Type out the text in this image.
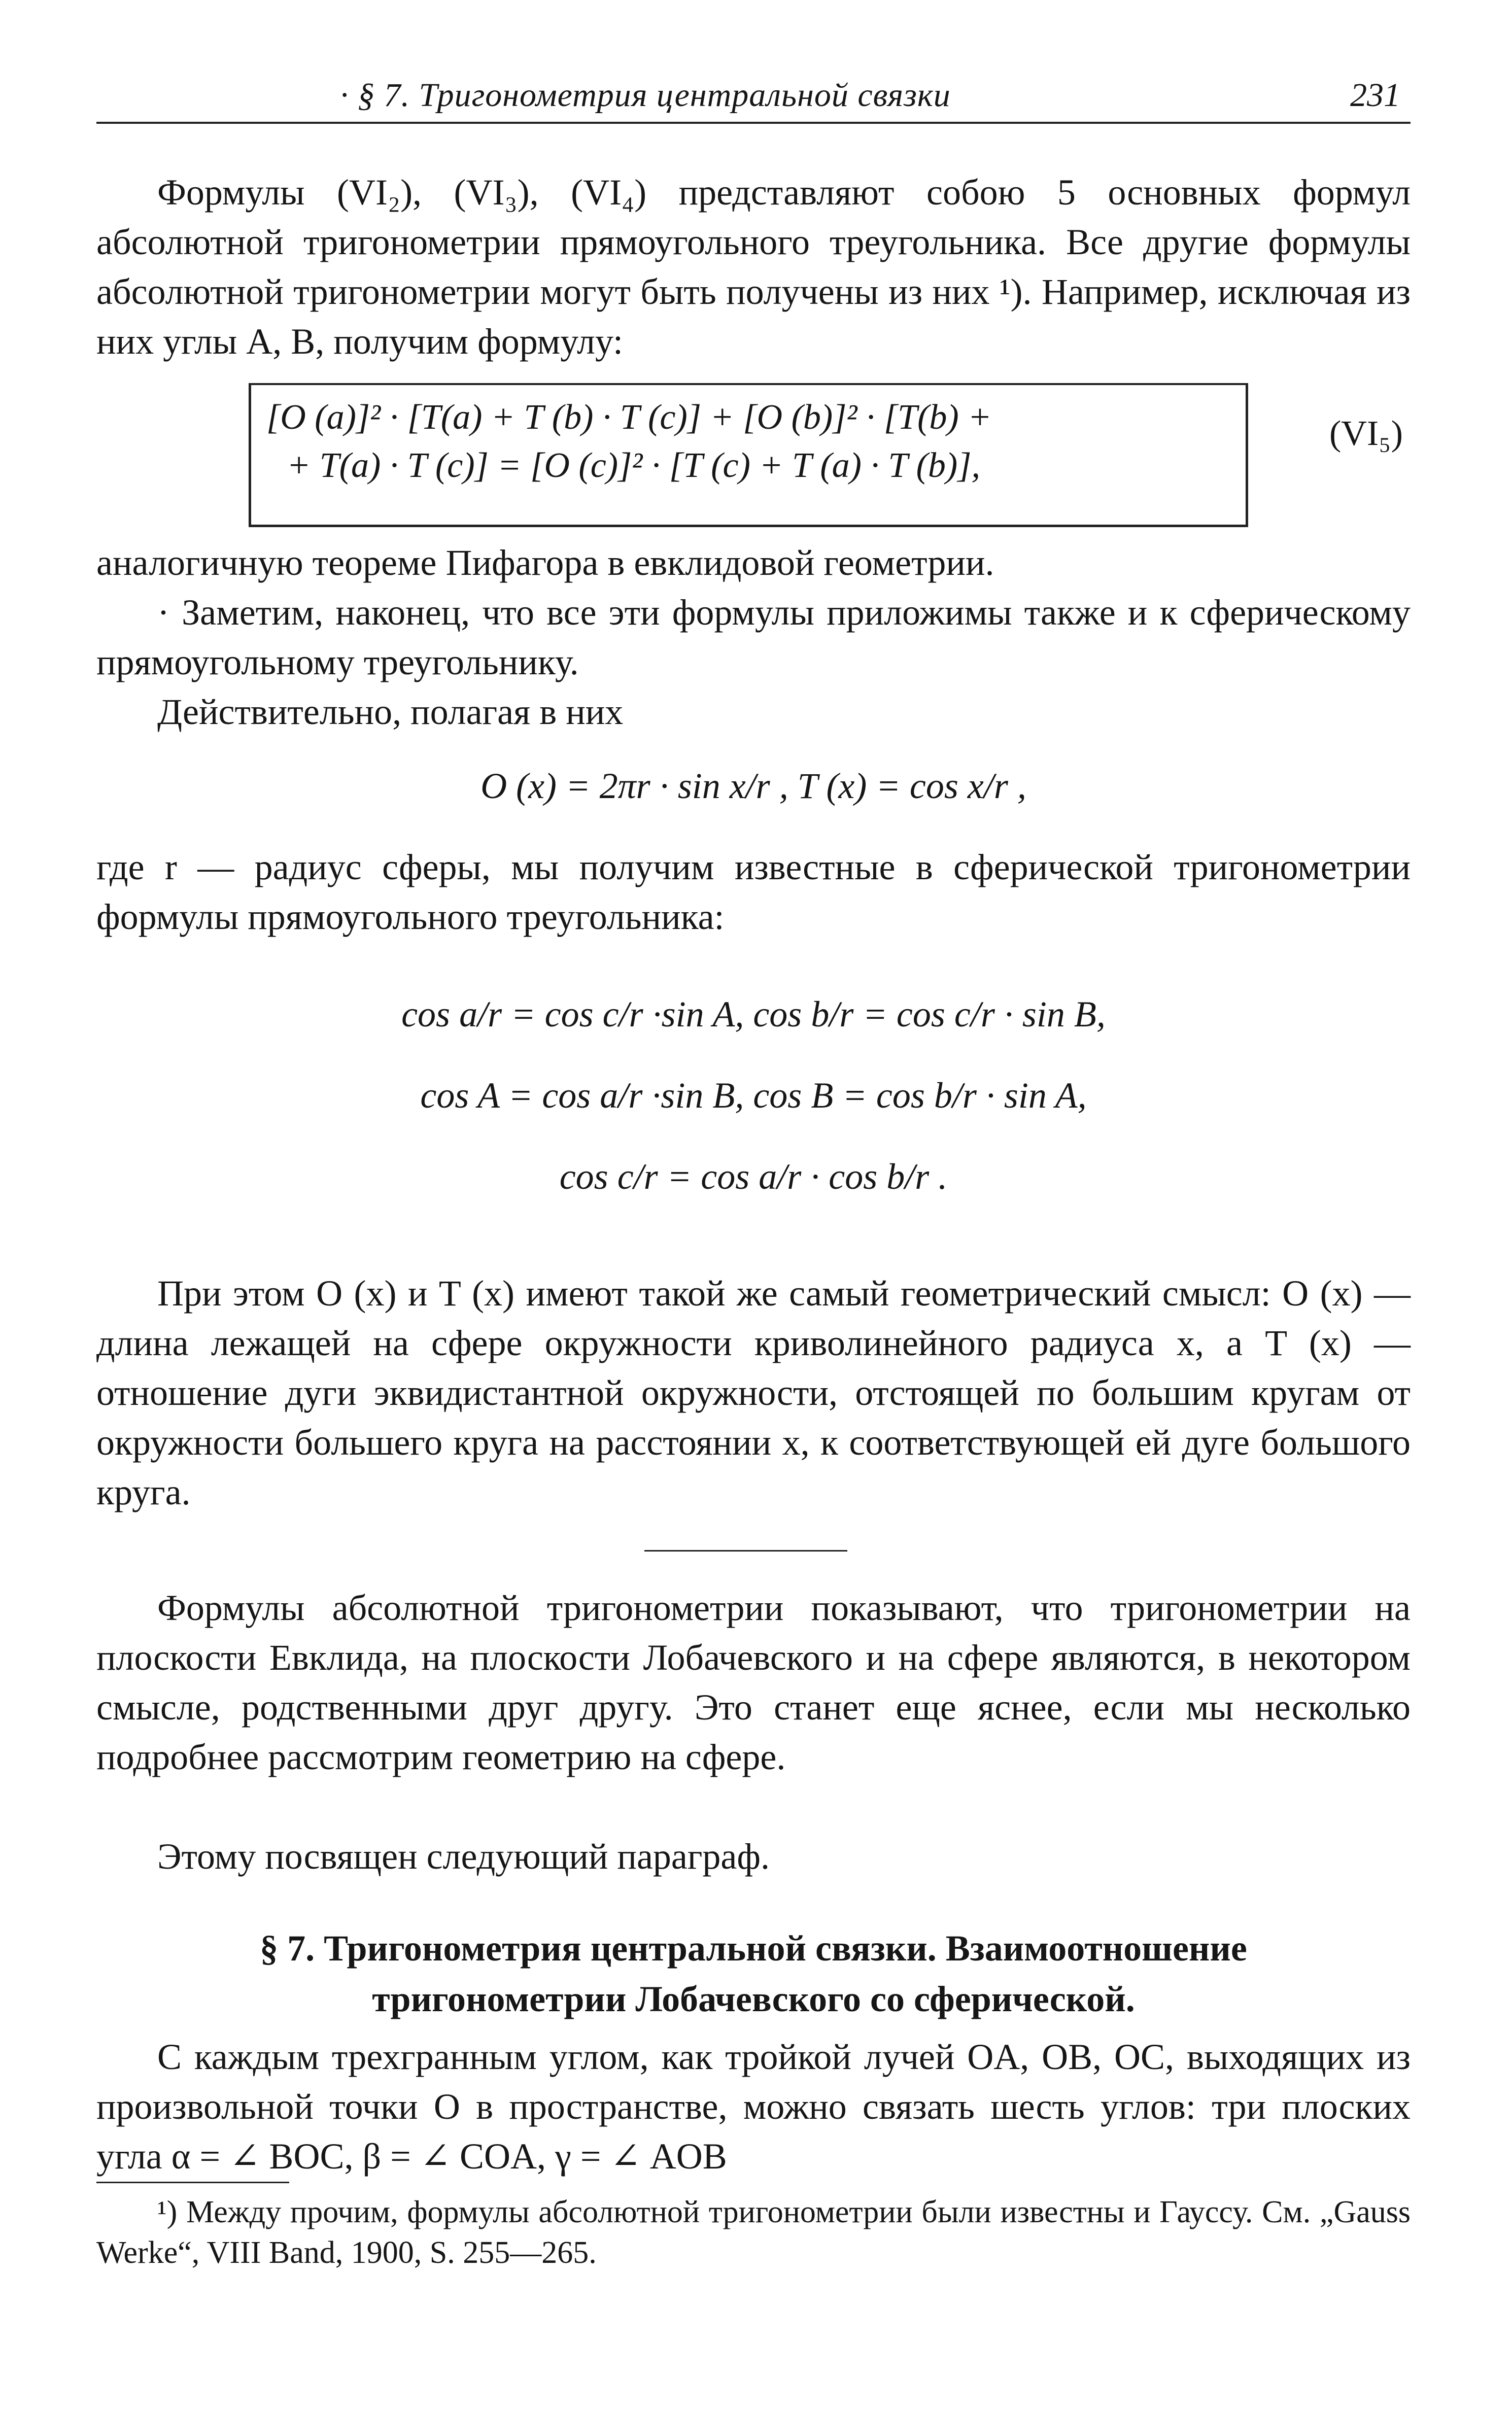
· § 7. Тригонометрия центральной связки	231

Формулы (VI₂), (VI₃), (VI₄) представляют собою 5 основных формул абсолютной тригонометрии прямоугольного треугольника. Все другие формулы абсолютной тригонометрии могут быть получены из них ¹). Например, исключая из них углы A, B, получим формулу:

[O (a)]² · [T(a) + T (b) · T (c)] + [O (b)]² · [T(b) +
+ T(a) · T (c)] = [O (c)]² · [T (c) + T (a) · T (b)],
(VI₅)

аналогичную теореме Пифагора в евклидовой геометрии.

· Заметим, наконец, что все эти формулы приложимы также и к сферическому прямоугольному треугольнику.

Действительно, полагая в них

O (x) = 2πr · sin x/r , T (x) = cos x/r ,

где r — радиус сферы, мы получим известные в сферической тригонометрии формулы прямоугольного треугольника:

cos a/r = cos c/r ·sin A, cos b/r = cos c/r · sin B,
cos A = cos a/r ·sin B, cos B = cos b/r · sin A,
cos c/r = cos a/r · cos b/r .

При этом O (x) и T (x) имеют такой же самый геометрический смысл: O (x) — длина лежащей на сфере окружности криволинейного радиуса x, а T (x) — отношение дуги эквидистантной окружности, отстоящей по большим кругам от окружности большего круга на расстоянии x, к соответствующей ей дуге большого круга.

Формулы абсолютной тригонометрии показывают, что тригонометрии на плоскости Евклида, на плоскости Лобачевского и на сфере являются, в некотором смысле, родственными друг другу. Это станет еще яснее, если мы несколько подробнее рассмотрим геометрию на сфере.

Этому посвящен следующий параграф.

§ 7. Тригонометрия центральной связки. Взаимоотношение
тригонометрии Лобачевского со сферической.

С каждым трехгранным углом, как тройкой лучей OA, OB, OC, выходящих из произвольной точки O в пространстве, можно связать шесть углов: три плоских угла α = ∠ BOC, β = ∠ COA, γ = ∠ AOB

¹) Между прочим, формулы абсолютной тригонометрии были известны и Гауссу. См. „Gauss Werke“, VIII Band, 1900, S. 255—265.
